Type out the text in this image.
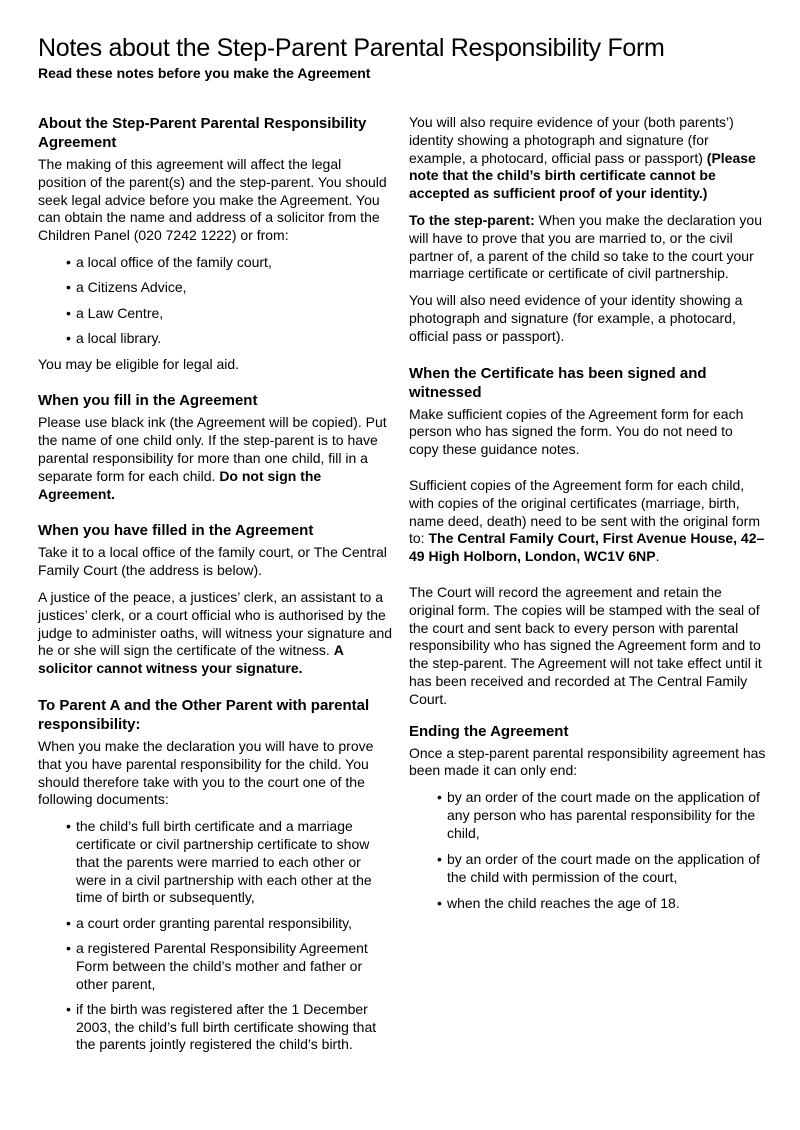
Notes about the Step-Parent Parental Responsibility Form
Read these notes before you make the Agreement
About the Step-Parent Parental Responsibility Agreement

The making of this agreement will affect the legal position of the parent(s) and the step-parent. You should seek legal advice before you make the Agreement. You can obtain the name and address of a solicitor from the Children Panel (020 7242 1222) or from:

• a local office of the family court,
• a Citizens Advice,
• a Law Centre,
• a local library.

You may be eligible for legal aid.

When you fill in the Agreement

Please use black ink (the Agreement will be copied). Put the name of one child only. If the step-parent is to have parental responsibility for more than one child, fill in a separate form for each child. Do not sign the Agreement.

When you have filled in the Agreement

Take it to a local office of the family court, or The Central Family Court (the address is below).

A justice of the peace, a justices’ clerk, an assistant to a justices’ clerk, or a court official who is authorised by the judge to administer oaths, will witness your signature and he or she will sign the certificate of the witness. A solicitor cannot witness your signature.

To Parent A and the Other Parent with parental responsibility:

When you make the declaration you will have to prove that you have parental responsibility for the child. You should therefore take with you to the court one of the following documents:

• the child’s full birth certificate and a marriage certificate or civil partnership certificate to show that the parents were married to each other or were in a civil partnership with each other at the time of birth or subsequently,
• a court order granting parental responsibility,
• a registered Parental Responsibility Agreement Form between the child’s mother and father or other parent,
• if the birth was registered after the 1 December 2003, the child’s full birth certificate showing that the parents jointly registered the child’s birth.

You will also require evidence of your (both parents’) identity showing a photograph and signature (for example, a photocard, official pass or passport) (Please note that the child’s birth certificate cannot be accepted as sufficient proof of your identity.)

To the step-parent: When you make the declaration you will have to prove that you are married to, or the civil partner of, a parent of the child so take to the court your marriage certificate or certificate of civil partnership.

You will also need evidence of your identity showing a photograph and signature (for example, a photocard, official pass or passport).

When the Certificate has been signed and witnessed

Make sufficient copies of the Agreement form for each person who has signed the form. You do not need to copy these guidance notes.

Sufficient copies of the Agreement form for each child, with copies of the original certificates (marriage, birth, name deed, death) need to be sent with the original form to: The Central Family Court, First Avenue House, 42–49 High Holborn, London, WC1V 6NP.

The Court will record the agreement and retain the original form. The copies will be stamped with the seal of the court and sent back to every person with parental responsibility who has signed the Agreement form and to the step-parent. The Agreement will not take effect until it has been received and recorded at The Central Family Court.

Ending the Agreement

Once a step-parent parental responsibility agreement has been made it can only end:

• by an order of the court made on the application of any person who has parental responsibility for the child,
• by an order of the court made on the application of the child with permission of the court,
• when the child reaches the age of 18.
